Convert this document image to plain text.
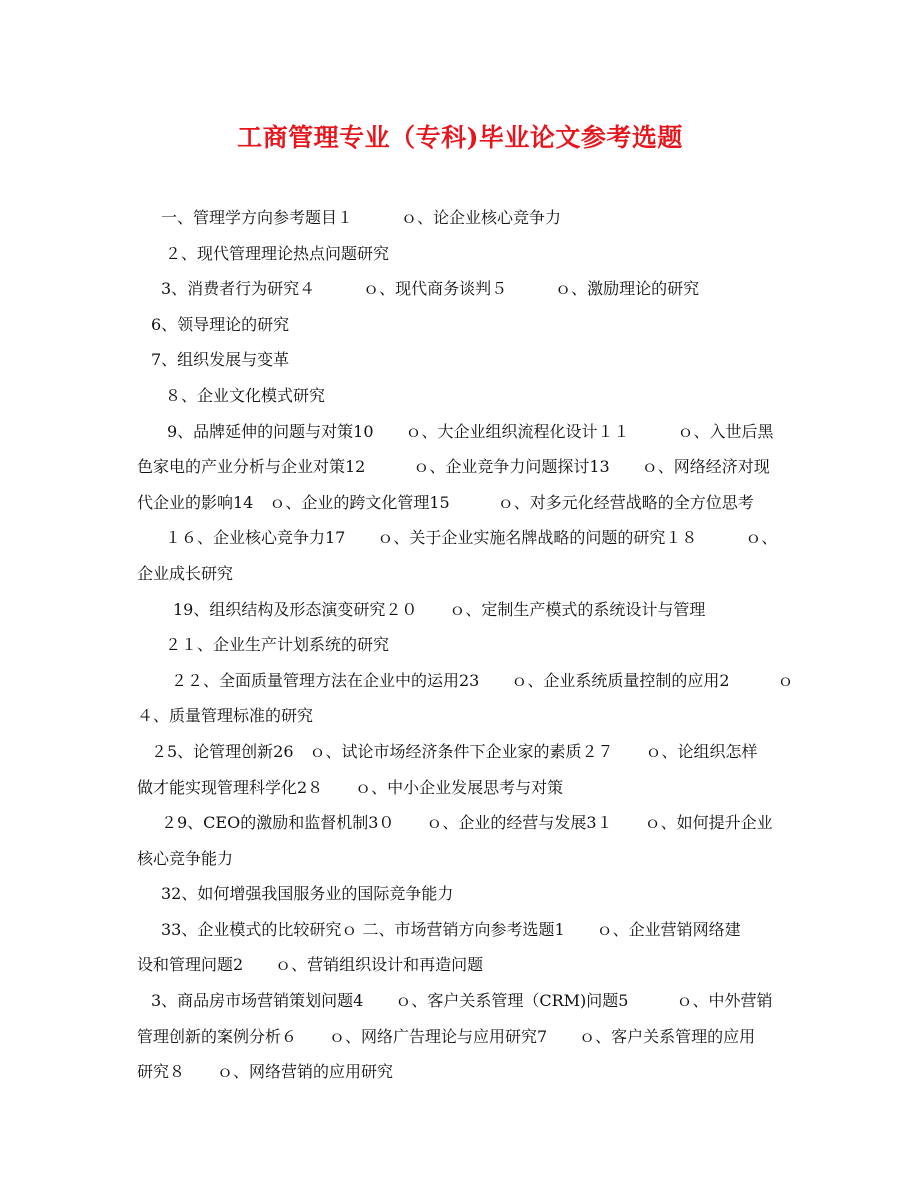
工商管理专业（专科)毕业论文参考选题
一、管理学方向参考题目１　　　ｏ、论企业核心竞争力
２、现代管理理论热点问题研究
3、消费者行为研究４　　　ｏ、现代商务谈判５　　　ｏ、激励理论的研究
6、领导理论的研究
7、组织发展与变革
８、企业文化模式研究
9、品牌延伸的问题与对策10　　ｏ、大企业组织流程化设计１１　　　ｏ、入世后黑
色家电的产业分析与企业对策12　　　ｏ、企业竞争力问题探讨13　　ｏ、网络经济对现
代企业的影响14　ｏ、企业的跨文化管理15　　　ｏ、对多元化经营战略的全方位思考
１６、企业核心竞争力17　　ｏ、关于企业实施名牌战略的问题的研究１８　　　ｏ、
企业成长研究
19、组织结构及形态演变研究２０　　ｏ、定制生产模式的系统设计与管理
２１、企业生产计划系统的研究
２２、全面质量管理方法在企业中的运用23　　ｏ、企业系统质量控制的应用2　　　ｏ
４、质量管理标准的研究
２5、论管理创新26　ｏ、试论市场经济条件下企业家的素质２７　　ｏ、论组织怎样
做才能实现管理科学化2８　　ｏ、中小企业发展思考与对策
２9、CEO的激励和监督机制3０　　ｏ、企业的经营与发展3１　　ｏ、如何提升企业
核心竞争能力
32、如何增强我国服务业的国际竞争能力
33、企业模式的比较研究ｏ 二、市场营销方向参考选题1　　ｏ、企业营销网络建
设和管理问题2　　ｏ、营销组织设计和再造问题
3、商品房市场营销策划问题4　　ｏ、客户关系管理（CRM)问题5　　　ｏ、中外营销
管理创新的案例分析６　　ｏ、网络广告理论与应用研究7　　ｏ、客户关系管理的应用
研究８　　ｏ、网络营销的应用研究
